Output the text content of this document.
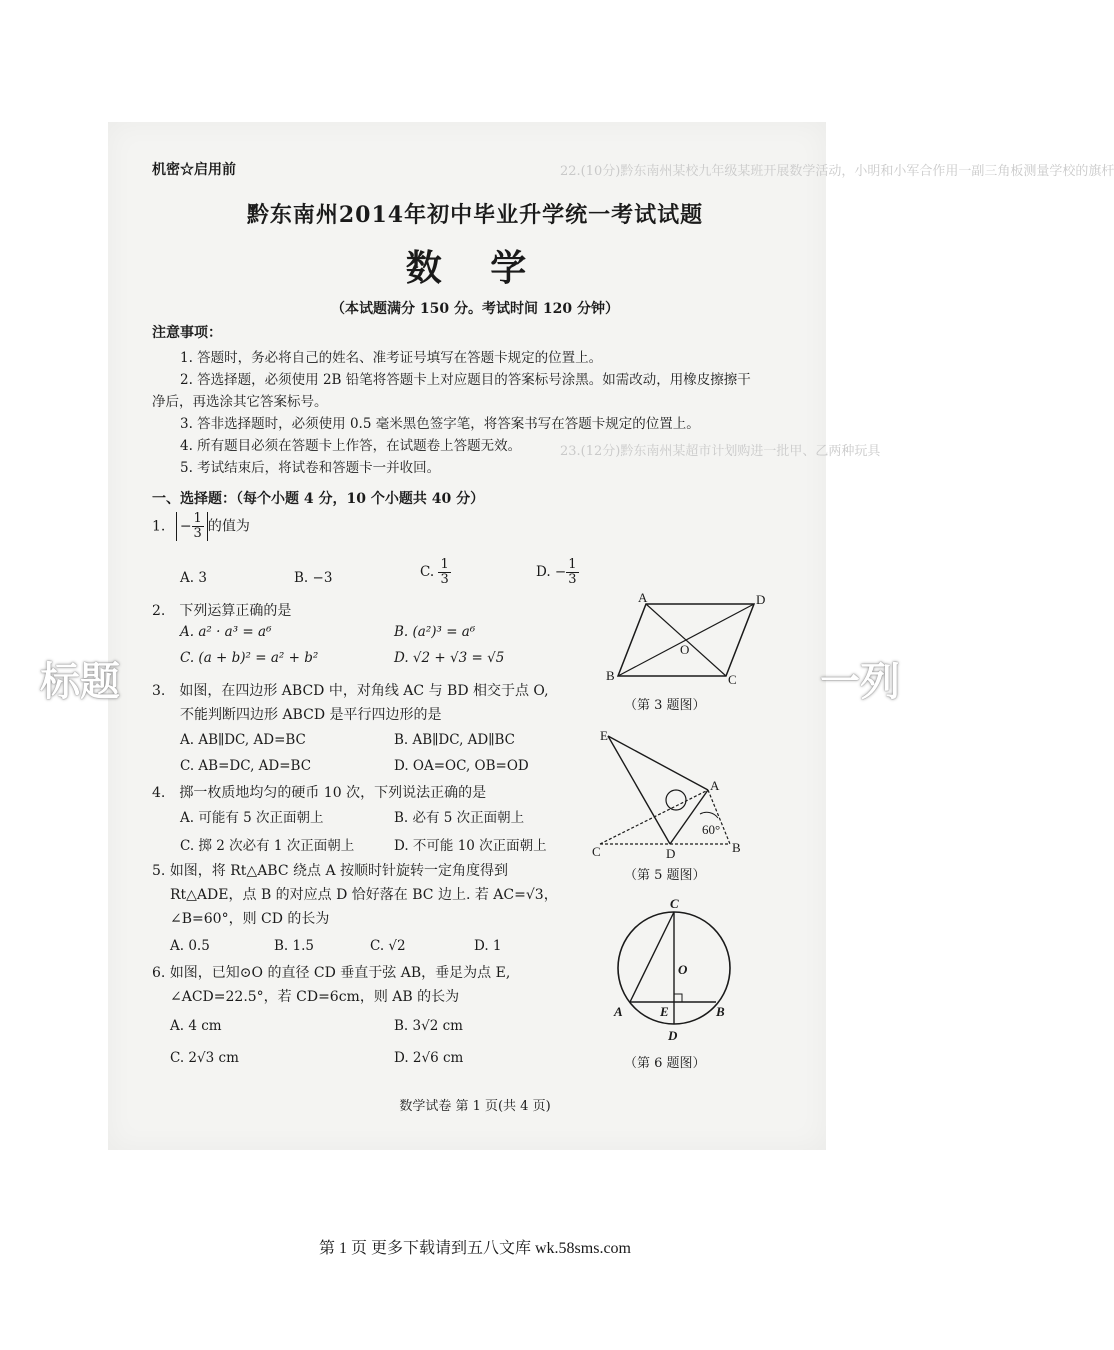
22.(10分)黔东南州某校九年级某班开展数学活动，小明和小军合作用一副三角板测量学校的旗杆
23.(12分)黔东南州某超市计划购进一批甲、乙两种玩具
机密☆启用前
黔东南州2014年初中毕业升学统一考试试题
数 学
（本试题满分 150 分。考试时间 120 分钟）
注意事项：
1. 答题时，务必将自己的姓名、准考证号填写在答题卡规定的位置上。
2. 答选择题，必须使用 2B 铅笔将答题卡上对应题目的答案标号涂黑。如需改动，用橡皮擦擦干
净后，再选涂其它答案标号。
3. 答非选择题时，必须使用 0.5 毫米黑色签字笔，将答案书写在答题卡规定的位置上。
4. 所有题目必须在答题卡上作答，在试题卷上答题无效。
5. 考试结束后，将试卷和答题卡一并收回。
一、选择题：（每个小题 4 分，10 个小题共 40 分）
1. − $\frac{1}{3}$ 的值为
A. 3	B. −3	C. $\frac{1}{3}$	D. − $\frac{1}{3}$
2.　下列运算正确的是
A. a² · a³ = a⁶	B. (a²)³ = a⁶
C. (a + b)² = a² + b²	D. √2 + √3 = √5
3.　如图，在四边形 ABCD 中，对角线 AC 与 BD 相交于点 O,
不能判断四边形 ABCD 是平行四边形的是
A. AB∥DC, AD=BC	B. AB∥DC, AD∥BC
C. AB=DC, AD=BC	D. OA=OC, OB=OD
4.　掷一枚质地均匀的硬币 10 次，下列说法正确的是
A. 可能有 5 次正面朝上	B. 必有 5 次正面朝上
C. 掷 2 次必有 1 次正面朝上	D. 不可能 10 次正面朝上
5. 如图，将 Rt△ABC 绕点 A 按顺时针旋转一定角度得到
Rt△ADE，点 B 的对应点 D 恰好落在 BC 边上. 若 AC=√3，
∠B=60°，则 CD 的长为
A. 0.5	B. 1.5	C. √2	D. 1
6. 如图，已知⊙O 的直径 CD 垂直于弦 AB，垂足为点 E,
∠ACD=22.5°，若 CD=6cm，则 AB 的长为
A. 4 cm	B. 3√2 cm
C. 2√3 cm	D. 2√6 cm
A	D
B	C
O
（第 3 题图）
E
A
C	D	B
60°
（第 5 题图）
C
O
A	B
E
D
（第 6 题图）
标题	一列
数学试卷 第 1 页(共 4 页)
第 1 页 更多下载请到五八文库 wk.58sms.com
